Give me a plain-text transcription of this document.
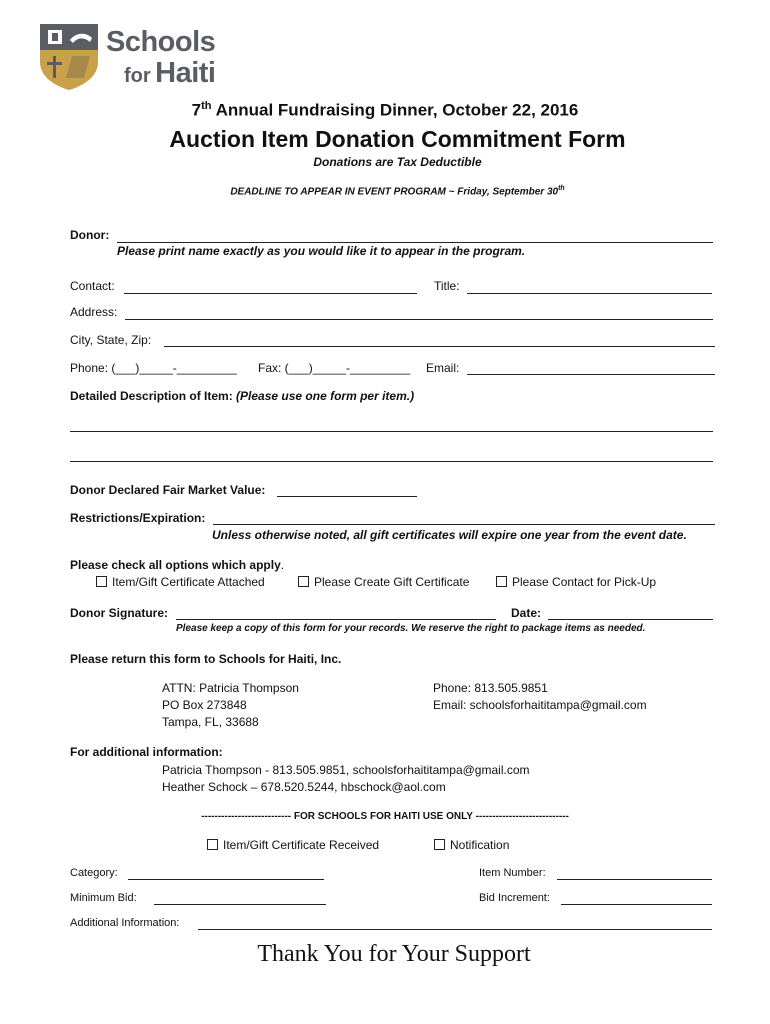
Schools
for Haiti
7th Annual Fundraising Dinner, October 22, 2016
Auction Item Donation Commitment Form
Donations are Tax Deductible
DEADLINE TO APPEAR IN EVENT PROGRAM ~ Friday, September 30th
Donor:
Please print name exactly as you would like it to appear in the program.
Contact:	Title:
Address:
City, State, Zip:
Phone: (___)_____-_________ Fax: (___)_____-_________ Email:
Detailed Description of Item: (Please use one form per item.)
Donor Declared Fair Market Value:
Restrictions/Expiration:
Unless otherwise noted, all gift certificates will expire one year from the event date.
Please check all options which apply.
Item/Gift Certificate Attached	Please Create Gift Certificate	Please Contact for Pick-Up
Donor Signature:	Date:
Please keep a copy of this form for your records. We reserve the right to package items as needed.
Please return this form to Schools for Haiti, Inc.
ATTN: Patricia Thompson
PO Box 273848
Tampa, FL, 33688
Phone: 813.505.9851
Email: schoolsforhaititampa@gmail.com
For additional information:
Patricia Thompson - 813.505.9851, schoolsforhaititampa@gmail.com
Heather Schock – 678.520.5244, hbschock@aol.com
--------------------------- FOR SCHOOLS FOR HAITI USE ONLY ----------------------------
Item/Gift Certificate Received	Notification
Category:	Item Number:
Minimum Bid:	Bid Increment:
Additional Information:
Thank You for Your Support
